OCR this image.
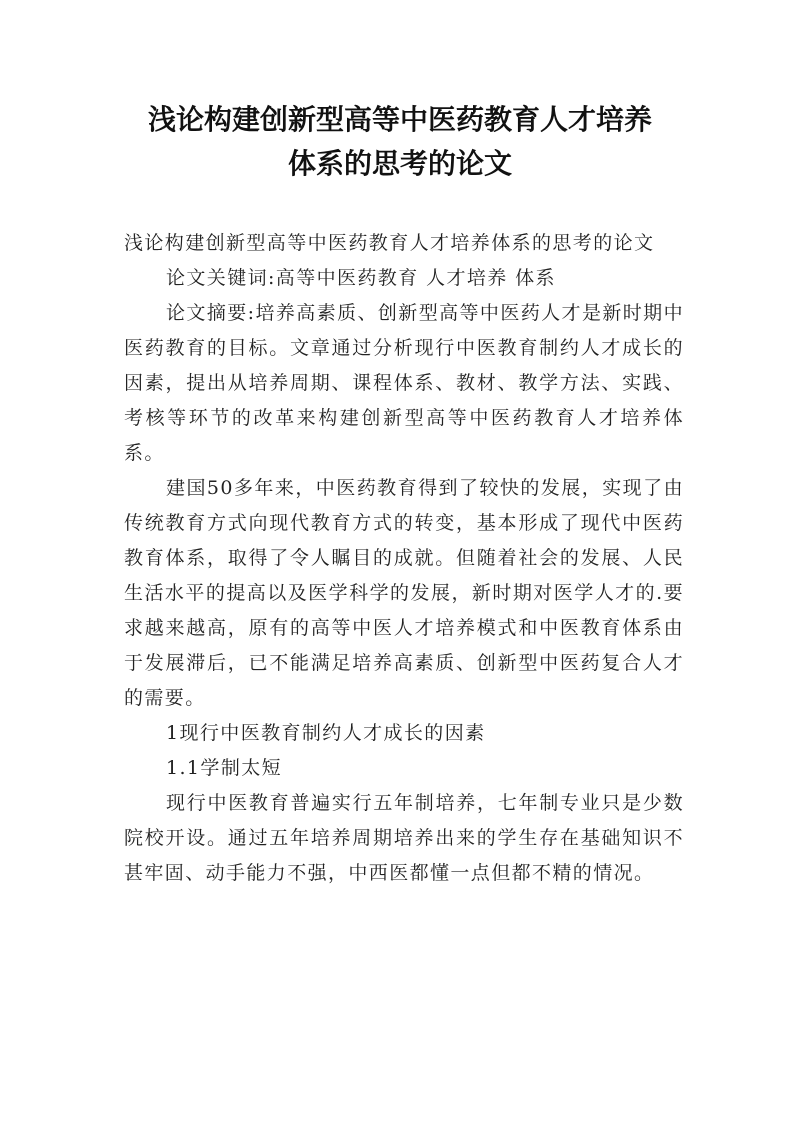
浅论构建创新型高等中医药教育人才培养
体系的思考的论文

浅论构建创新型高等中医药教育人才培养体系的思考的论文

论文关键词:高等中医药教育 人才培养 体系

论文摘要:培养高素质、创新型高等中医药人才是新时期中医药教育的目标。文章通过分析现行中医教育制约人才成长的因素，提出从培养周期、课程体系、教材、教学方法、实践、考核等环节的改革来构建创新型高等中医药教育人才培养体系。

建国50多年来，中医药教育得到了较快的发展，实现了由传统教育方式向现代教育方式的转变，基本形成了现代中医药教育体系，取得了令人瞩目的成就。但随着社会的发展、人民生活水平的提高以及医学科学的发展，新时期对医学人才的.要求越来越高，原有的高等中医人才培养模式和中医教育体系由于发展滞后，已不能满足培养高素质、创新型中医药复合人才的需要。

1现行中医教育制约人才成长的因素

1.1学制太短

现行中医教育普遍实行五年制培养，七年制专业只是少数院校开设。通过五年培养周期培养出来的学生存在基础知识不甚牢固、动手能力不强，中西医都懂一点但都不精的情况。
